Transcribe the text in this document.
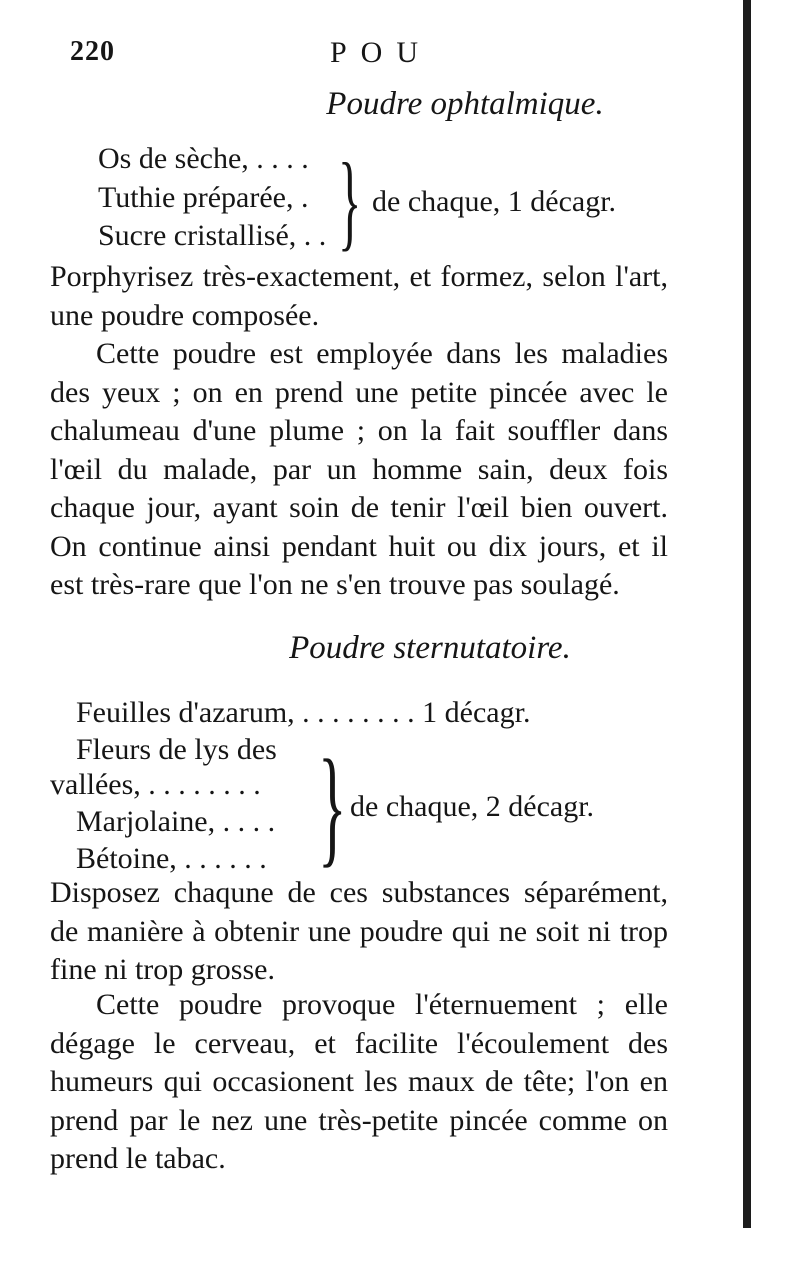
220	POU
Poudre ophtalmique.
Os de sèche, . . . .
Tuthie préparée, .
Sucre cristallisé, . . } de chaque, 1 décagr.

Porphyrisez très-exactement, et formez, selon l'art, une poudre composée.

Cette poudre est employée dans les maladies des yeux ; on en prend une petite pincée avec le chalumeau d'une plume ; on la fait souffler dans l'œil du malade, par un homme sain, deux fois chaque jour, ayant soin de tenir l'œil bien ouvert. On continue ainsi pendant huit ou dix jours, et il est très-rare que l'on ne s'en trouve pas soulagé.

Poudre sternutatoire.
Feuilles d'azarum, . . . . . . . . 1 décagr.
Fleurs de lys des
vallées, . . . . . . . .
Marjolaine, . . . .
Bétoine, . . . . . . } de chaque, 2 décagr.

Disposez chaqune de ces substances séparément, de manière à obtenir une poudre qui ne soit ni trop fine ni trop grosse.

Cette poudre provoque l'éternuement ; elle dégage le cerveau, et facilite l'écoulement des humeurs qui occasionent les maux de tête; l'on en prend par le nez une très-petite pincée comme on prend le tabac.
